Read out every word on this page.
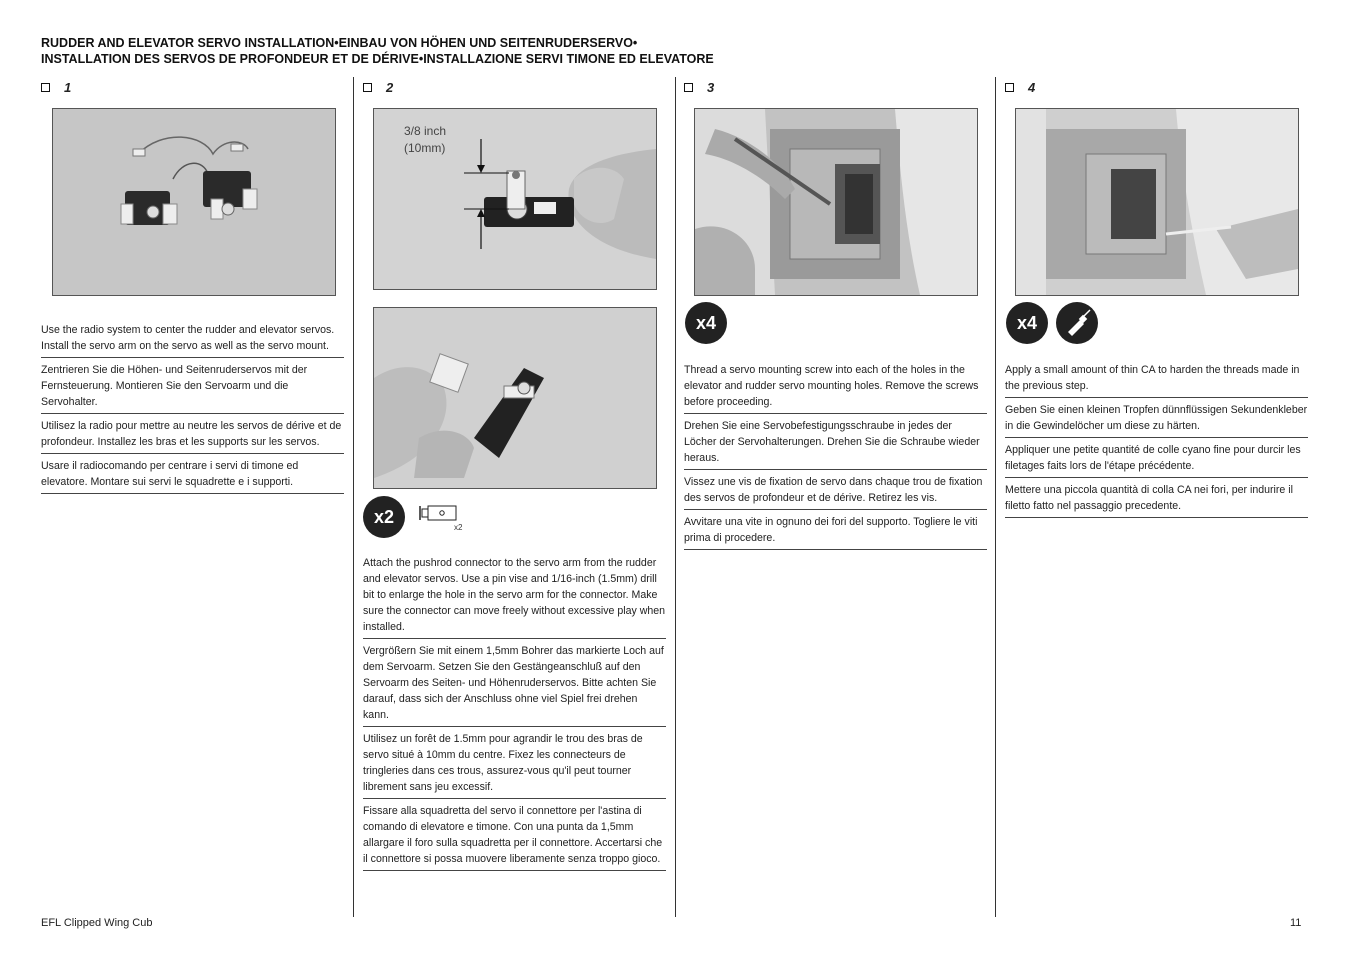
RUDDER AND ELEVATOR SERVO INSTALLATION•EINBAU VON HÖHEN UND SEITENRUDERSERVO•
INSTALLATION DES SERVOS DE PROFONDEUR ET DE DÉRIVE•INSTALLAZIONE SERVI TIMONE ED ELEVATORE
1
Use the radio system to center the rudder and elevator servos. Install the servo arm on the servo as well as the servo mount.
Zentrieren Sie die Höhen- und Seitenruderservos mit der Fernsteuerung. Montieren Sie den Servoarm und die Servohalter.
Utilisez la radio pour mettre au neutre les servos de dérive et de profondeur. Installez les bras et les supports sur les servos.
Usare il radiocomando per centrare i servi di timone ed elevatore. Montare sui servi le squadrette e i supporti.
2
3/8 inch
(10mm)
x2
x2
Attach the pushrod connector to the servo arm from the rudder and elevator servos. Use a pin vise and 1/16-inch (1.5mm) drill bit to enlarge the hole in the servo arm for the connector. Make sure the connector can move freely without excessive play when installed.
Vergrößern Sie mit einem 1,5mm Bohrer das markierte Loch auf dem Servoarm. Setzen Sie den Gestängeanschluß auf den Servoarm des Seiten- und Höhenruderservos. Bitte achten Sie darauf, dass sich der Anschluss ohne viel Spiel frei drehen kann.
Utilisez un forêt de 1.5mm pour agrandir le trou des bras de servo situé à 10mm du centre. Fixez les connecteurs de tringleries dans ces trous, assurez-vous qu'il peut tourner librement sans jeu excessif.
Fissare alla squadretta del servo il connettore per l'astina di comando di elevatore e timone. Con una punta da 1,5mm allargare il foro sulla squadretta per il connettore. Accertarsi che il connettore si possa muovere liberamente senza troppo gioco.
3
x4
Thread a servo mounting screw into each of the holes in the elevator and rudder servo mounting holes. Remove the screws before proceeding.
Drehen Sie eine Servobefestigungsschraube in jedes der Löcher der Servohalterungen. Drehen Sie die Schraube wieder heraus.
Vissez une vis de fixation de servo dans chaque trou de fixation des servos de profondeur et de dérive. Retirez les vis.
Avvitare una vite in ognuno dei fori del supporto. Togliere le viti prima di procedere.
4
x4
Apply a small amount of thin CA to harden the threads made in the previous step.
Geben Sie einen kleinen Tropfen dünnflüssigen Sekundenkleber in die Gewindelöcher um diese zu härten.
Appliquer une petite quantité de colle cyano fine pour durcir les filetages faits lors de l'étape précédente.
Mettere una piccola quantità di colla CA nei fori, per indurire il filetto fatto nel passaggio precedente.
EFL Clipped Wing Cub	11
